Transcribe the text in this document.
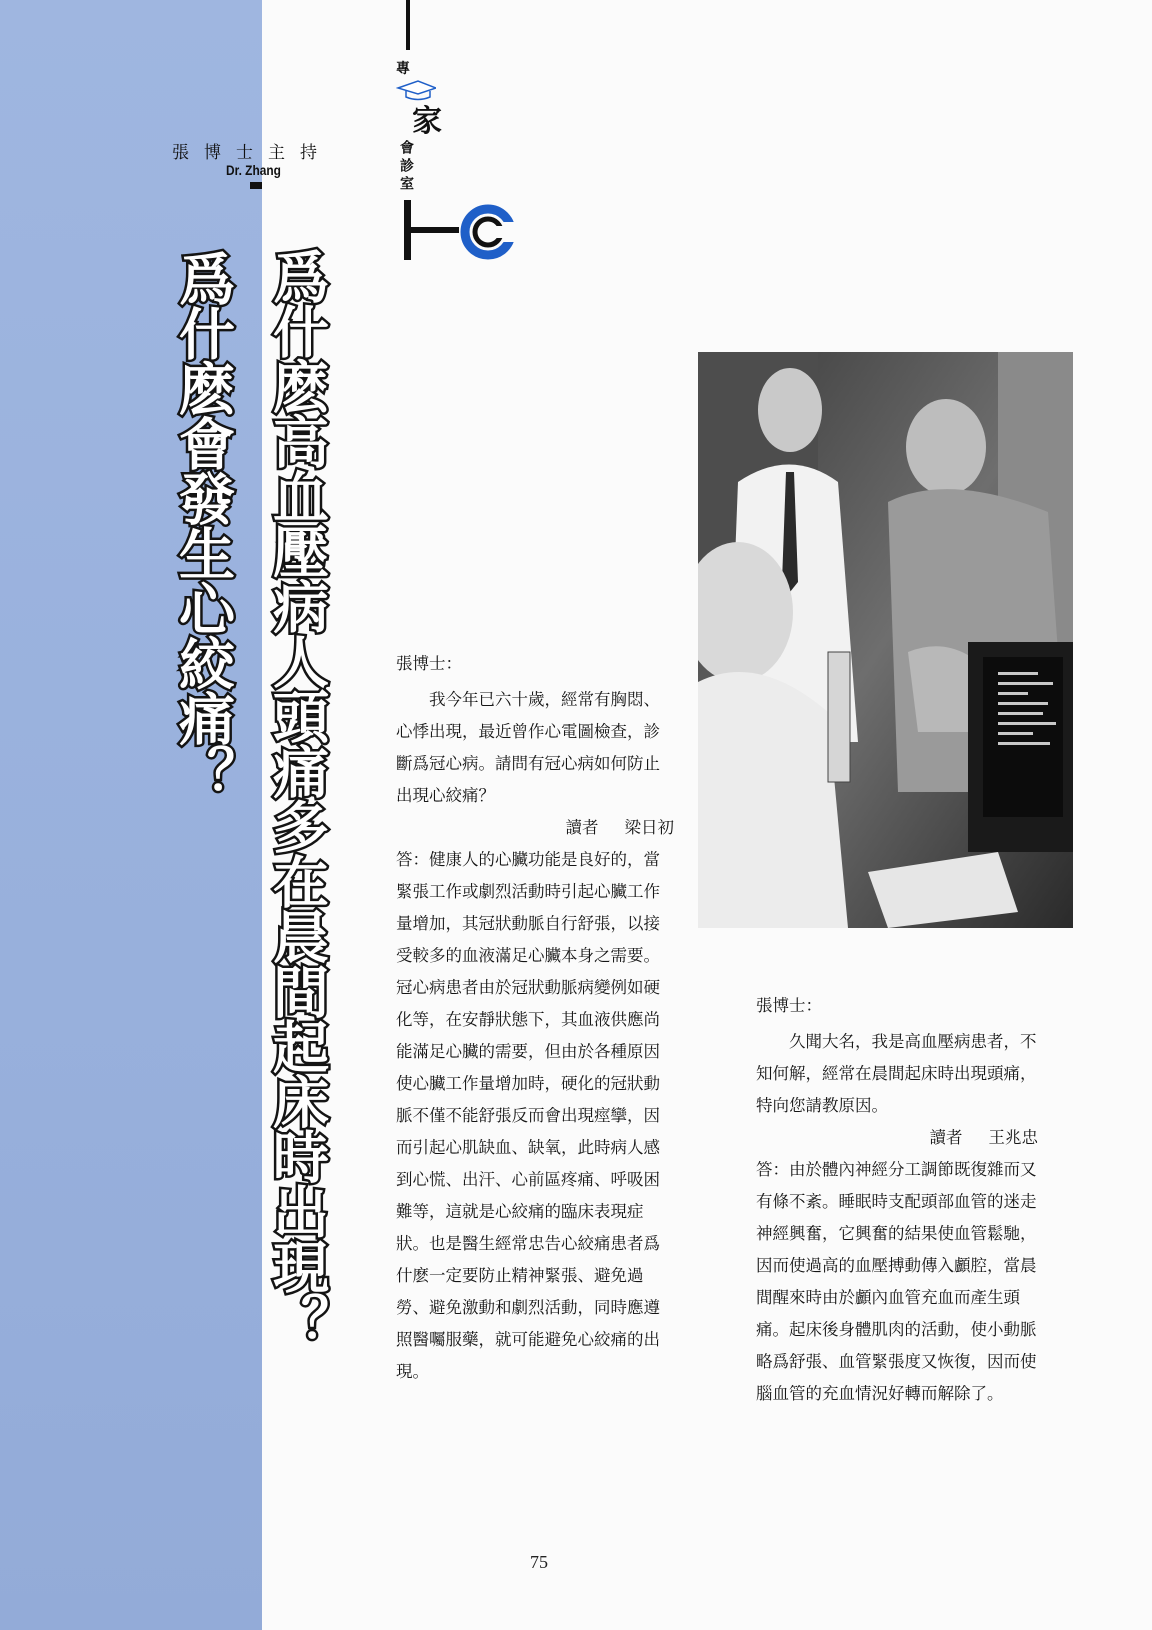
張博士主持
Dr. Zhang
爲什麽高血壓病人頭痛多在晨間起床時出現？
爲什麽會發生心絞痛？
專
家
會診室

張博士：

我今年已六十歲，經常有胸悶、心悸出現，最近曾作心電圖檢查，診斷爲冠心病。請問有冠心病如何防止出現心絞痛？

讀者 梁日初

答：健康人的心臟功能是良好的，當緊張工作或劇烈活動時引起心臟工作量增加，其冠狀動脈自行舒張，以接受較多的血液滿足心臟本身之需要。冠心病患者由於冠狀動脈病變例如硬化等，在安靜狀態下，其血液供應尚能滿足心臟的需要，但由於各種原因使心臟工作量增加時，硬化的冠狀動脈不僅不能舒張反而會出現痙攣，因而引起心肌缺血、缺氧，此時病人感到心慌、出汗、心前區疼痛、呼吸困難等，這就是心絞痛的臨床表現症狀。也是醫生經常忠告心絞痛患者爲什麽一定要防止精神緊張、避免過勞、避免激動和劇烈活動，同時應遵照醫囑服藥，就可能避免心絞痛的出現。

張博士：

久聞大名，我是高血壓病患者，不知何解，經常在晨間起床時出現頭痛，特向您請教原因。

讀者 王兆忠

答：由於體內神經分工調節既復雜而又有條不紊。睡眠時支配頭部血管的迷走神經興奮，它興奮的結果使血管鬆馳，因而使過高的血壓搏動傳入顱腔，當晨間醒來時由於顱內血管充血而產生頭痛。起床後身體肌肉的活動，使小動脈略爲舒張、血管緊張度又恢復，因而使腦血管的充血情況好轉而解除了。

75
